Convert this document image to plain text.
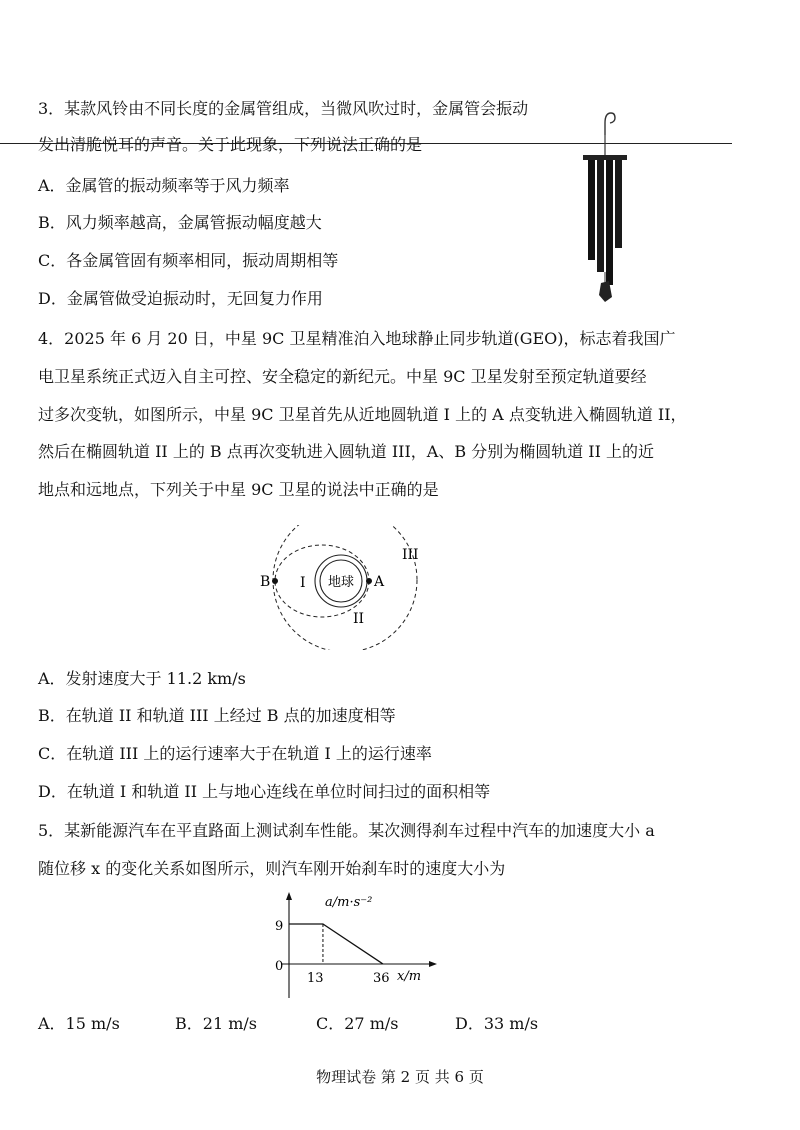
3．某款风铃由不同长度的金属管组成，当微风吹过时，金属管会振动
发出清脆悦耳的声音。关于此现象，下列说法正确的是
A．金属管的振动频率等于风力频率
B．风力频率越高，金属管振动幅度越大
C．各金属管固有频率相同，振动周期相等
D．金属管做受迫振动时，无回复力作用
4．2025 年 6 月 20 日，中星 9C 卫星精准泊入地球静止同步轨道(GEO)，标志着我国广
电卫星系统正式迈入自主可控、安全稳定的新纪元。中星 9C 卫星发射至预定轨道要经
过多次变轨，如图所示，中星 9C 卫星首先从近地圆轨道 I 上的 A 点变轨进入椭圆轨道 II，
然后在椭圆轨道 II 上的 B 点再次变轨进入圆轨道 III，A、B 分别为椭圆轨道 II 上的近
地点和远地点，下列关于中星 9C 卫星的说法中正确的是
地球
B	A
I
II
III
A．发射速度大于 11.2 km/s
B．在轨道 II 和轨道 III 上经过 B 点的加速度相等
C．在轨道 III 上的运行速率大于在轨道 I 上的运行速率
D．在轨道 I 和轨道 II 上与地心连线在单位时间扫过的面积相等
5．某新能源汽车在平直路面上测试刹车性能。某次测得刹车过程中汽车的加速度大小 a
随位移 x 的变化关系如图所示，则汽车刚开始刹车时的速度大小为
a/m·s⁻²
x/m
9
0
13	36
A．15 m/s	B．21 m/s	C．27 m/s	D．33 m/s
物理试卷 第 2 页 共 6 页
